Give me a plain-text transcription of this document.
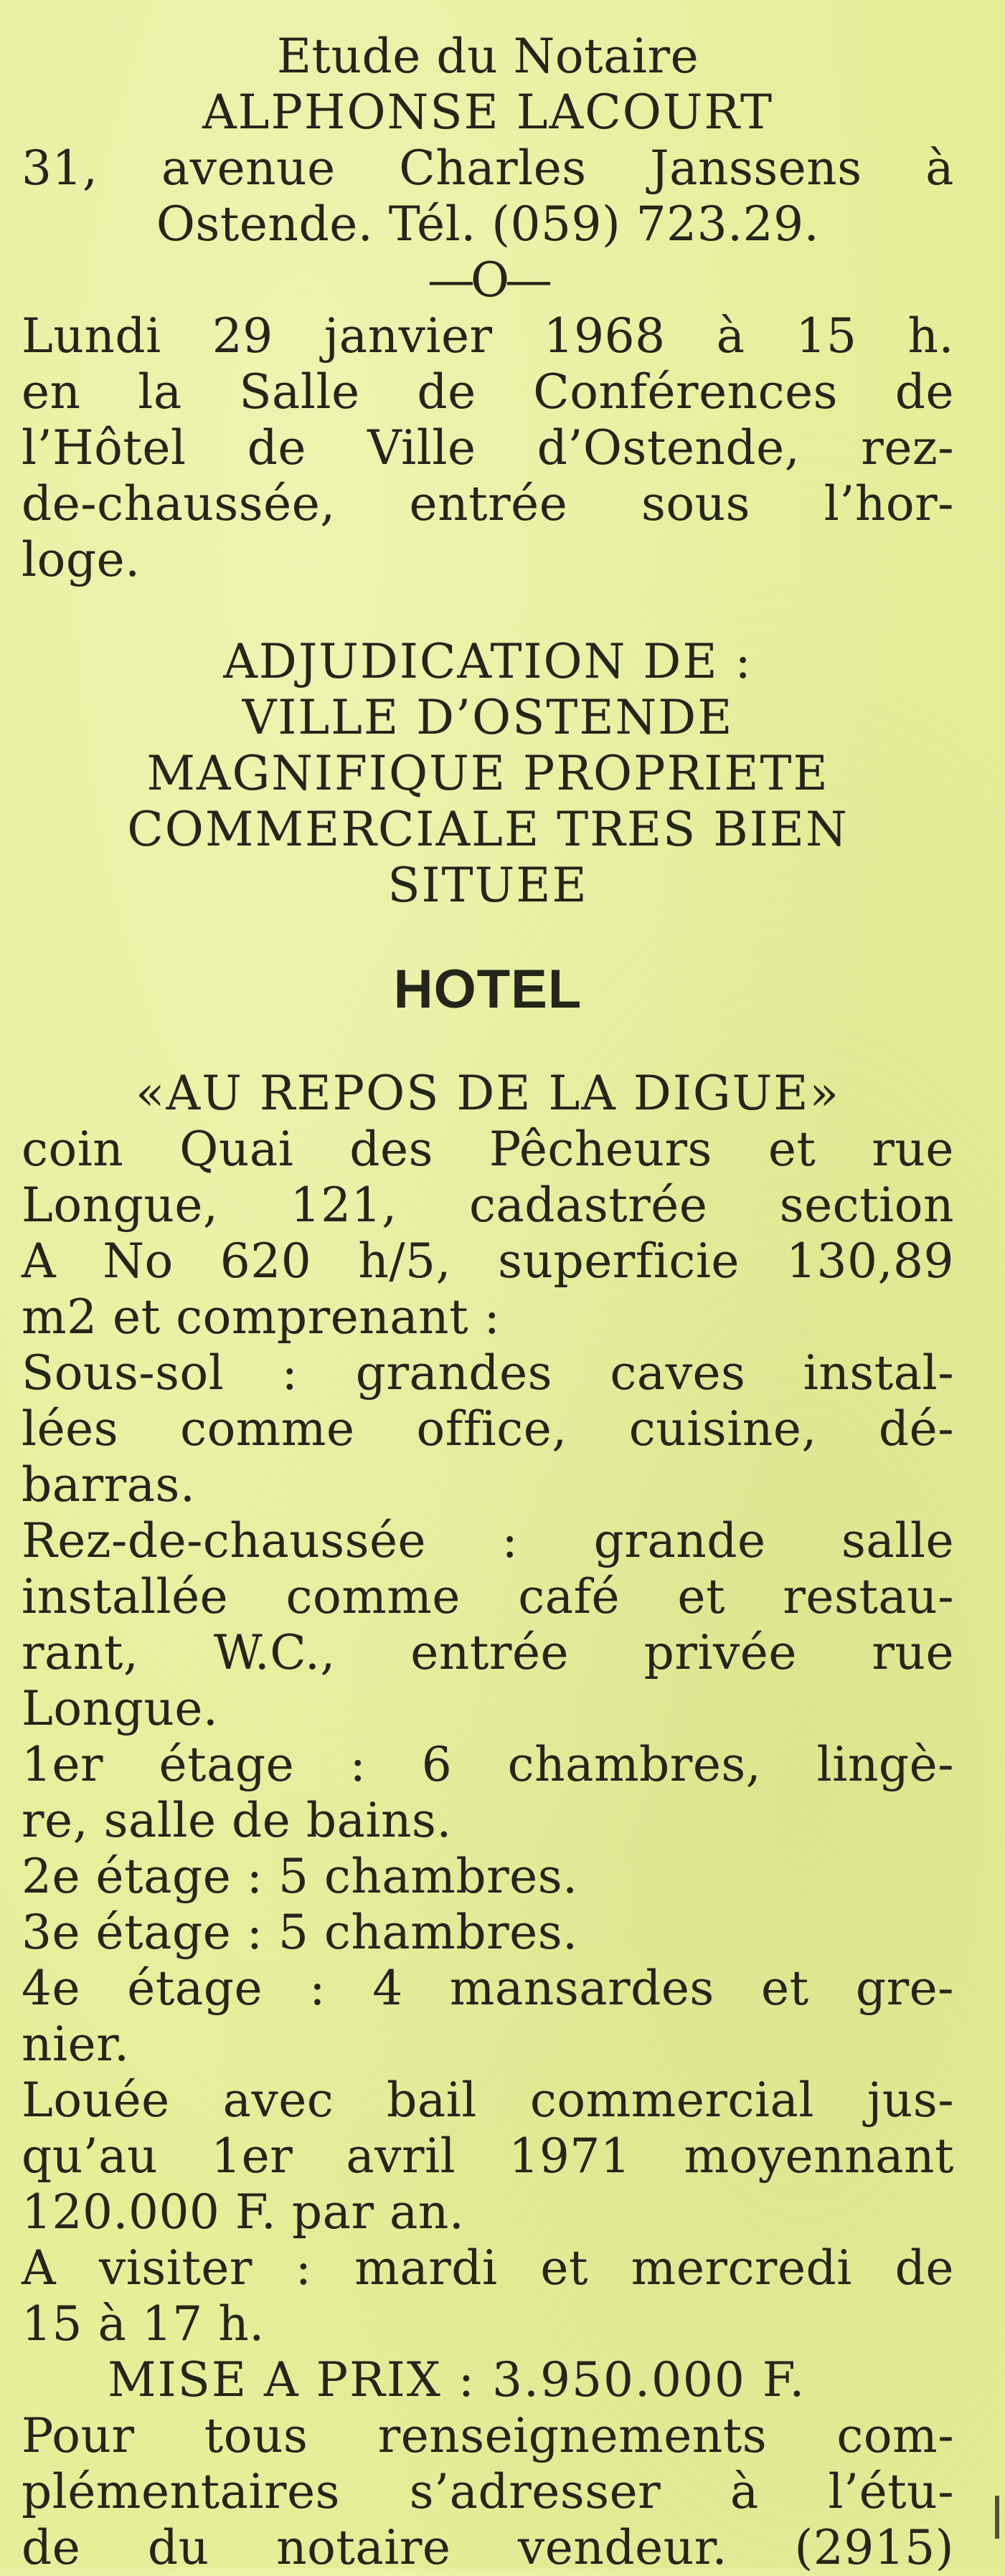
Etude du Notaire
ALPHONSE LACOURT
31, avenue Charles Janssens à
Ostende. Tél. (059) 723.29.
—O—
Lundi 29 janvier 1968 à 15 h.
en la Salle de Conférences de
l’Hôtel de Ville d’Ostende, rez-
de-chaussée, entrée sous l’hor-
loge.
ADJUDICATION DE :
VILLE D’OSTENDE
MAGNIFIQUE PROPRIETE
COMMERCIALE TRES BIEN
SITUEE
HOTEL
«AU REPOS DE LA DIGUE»
coin Quai des Pêcheurs et rue
Longue, 121, cadastrée section
A No 620 h/5, superficie 130,89
m2 et comprenant :
Sous-sol : grandes caves instal-
lées comme office, cuisine, dé-
barras.
Rez-de-chaussée : grande salle
installée comme café et restau-
rant, W.C., entrée privée rue
Longue.
1er étage : 6 chambres, lingè-
re, salle de bains.
2e étage : 5 chambres.
3e étage : 5 chambres.
4e étage : 4 mansardes et gre-
nier.
Louée avec bail commercial jus-
qu’au 1er avril 1971 moyennant
120.000 F. par an.
A visiter : mardi et mercredi de
15 à 17 h.
MISE A PRIX : 3.950.000 F.
Pour tous renseignements com-
plémentaires s’adresser à l’étu-
de du notaire vendeur. (2915)
